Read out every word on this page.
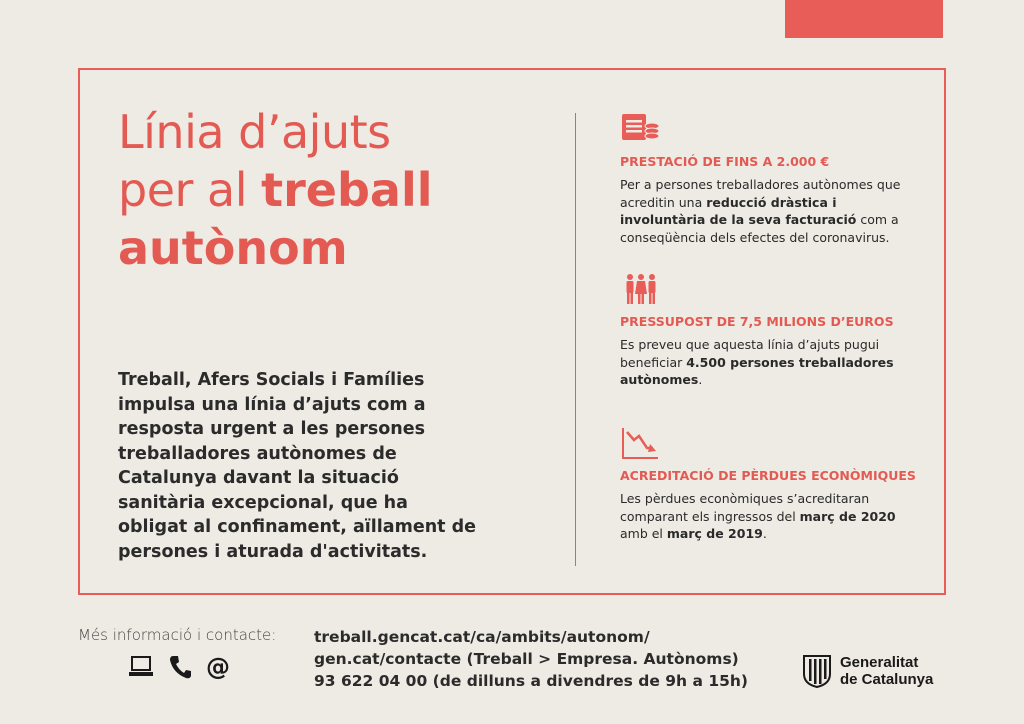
Línia d’ajuts
per al treball
autònom

Treball, Afers Socials i Famílies impulsa una línia d’ajuts com a resposta urgent a les persones treballadores autònomes de Catalunya davant la situació sanitària excepcional, que ha obligat al confinament, aïllament de persones i aturada d'activitats.

PRESTACIÓ DE FINS A 2.000 €

Per a persones treballadores autònomes que acreditin una reducció dràstica i involuntària de la seva facturació com a conseqüència dels efectes del coronavirus.

PRESSUPOST DE 7,5 MILIONS D’EUROS

Es preveu que aquesta línia d’ajuts pugui beneficiar 4.500 persones treballadores autònomes.

ACREDITACIÓ DE PÈRDUES ECONÒMIQUES

Les pèrdues econòmiques s’acreditaran comparant els ingressos del març de 2020 amb el març de 2019.

Més informació i contacte:
@
treball.gencat.cat/ca/ambits/autonom/
gen.cat/contacte (Treball > Empresa. Autònoms)
93 622 04 00 (de dilluns a divendres de 9h a 15h)
Generalitat
de Catalunya
